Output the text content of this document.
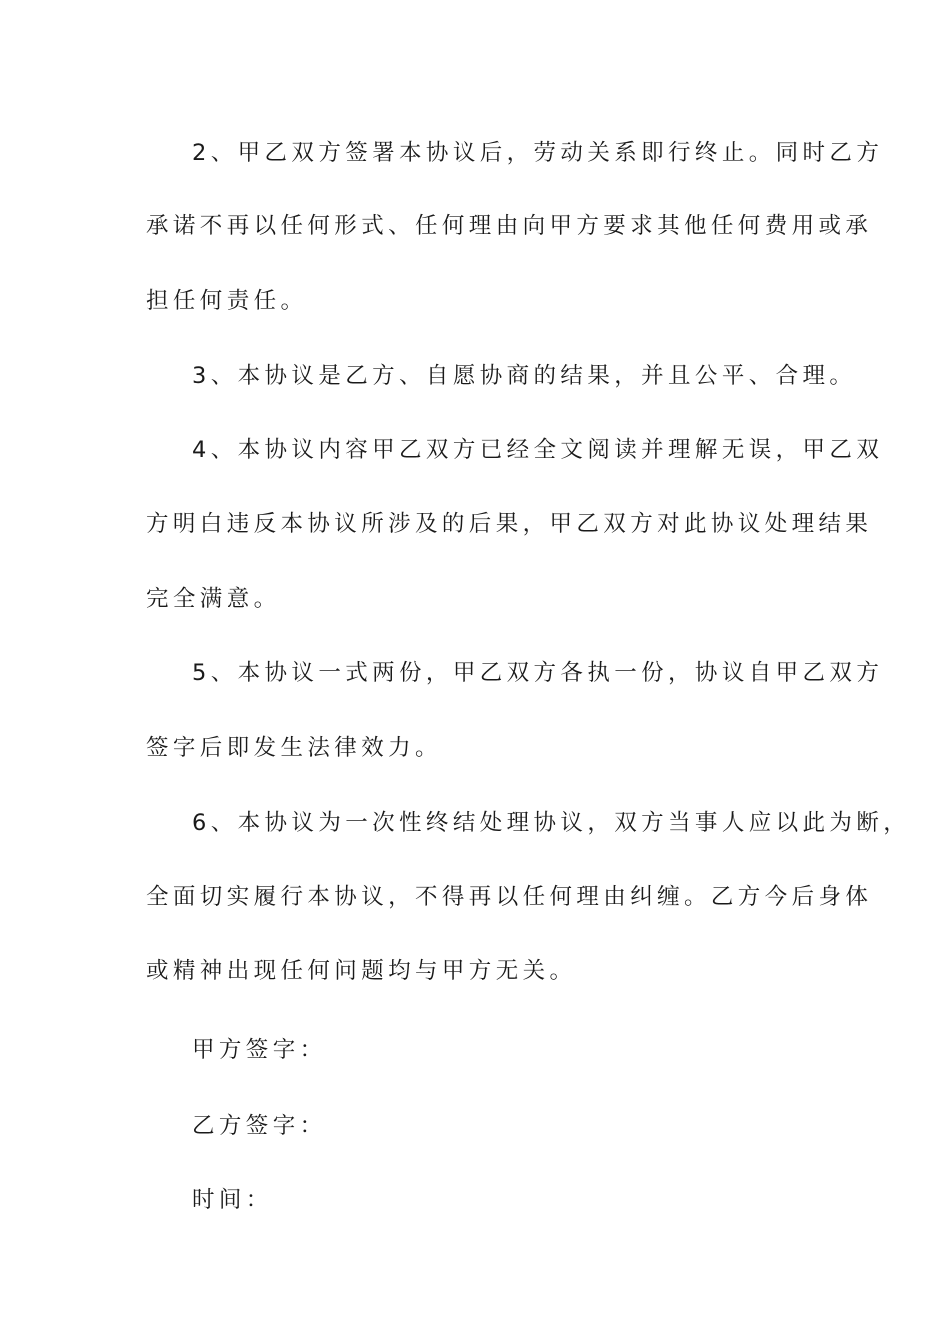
2、甲乙双方签署本协议后，劳动关系即行终止。同时乙方
承诺不再以任何形式、任何理由向甲方要求其他任何费用或承
担任何责任。
3、本协议是乙方、自愿协商的结果，并且公平、合理。
4、本协议内容甲乙双方已经全文阅读并理解无误，甲乙双
方明白违反本协议所涉及的后果，甲乙双方对此协议处理结果
完全满意。
5、本协议一式两份，甲乙双方各执一份，协议自甲乙双方
签字后即发生法律效力。
6、本协议为一次性终结处理协议，双方当事人应以此为断，
全面切实履行本协议，不得再以任何理由纠缠。乙方今后身体
或精神出现任何问题均与甲方无关。
甲方签字：
乙方签字：
时间：
